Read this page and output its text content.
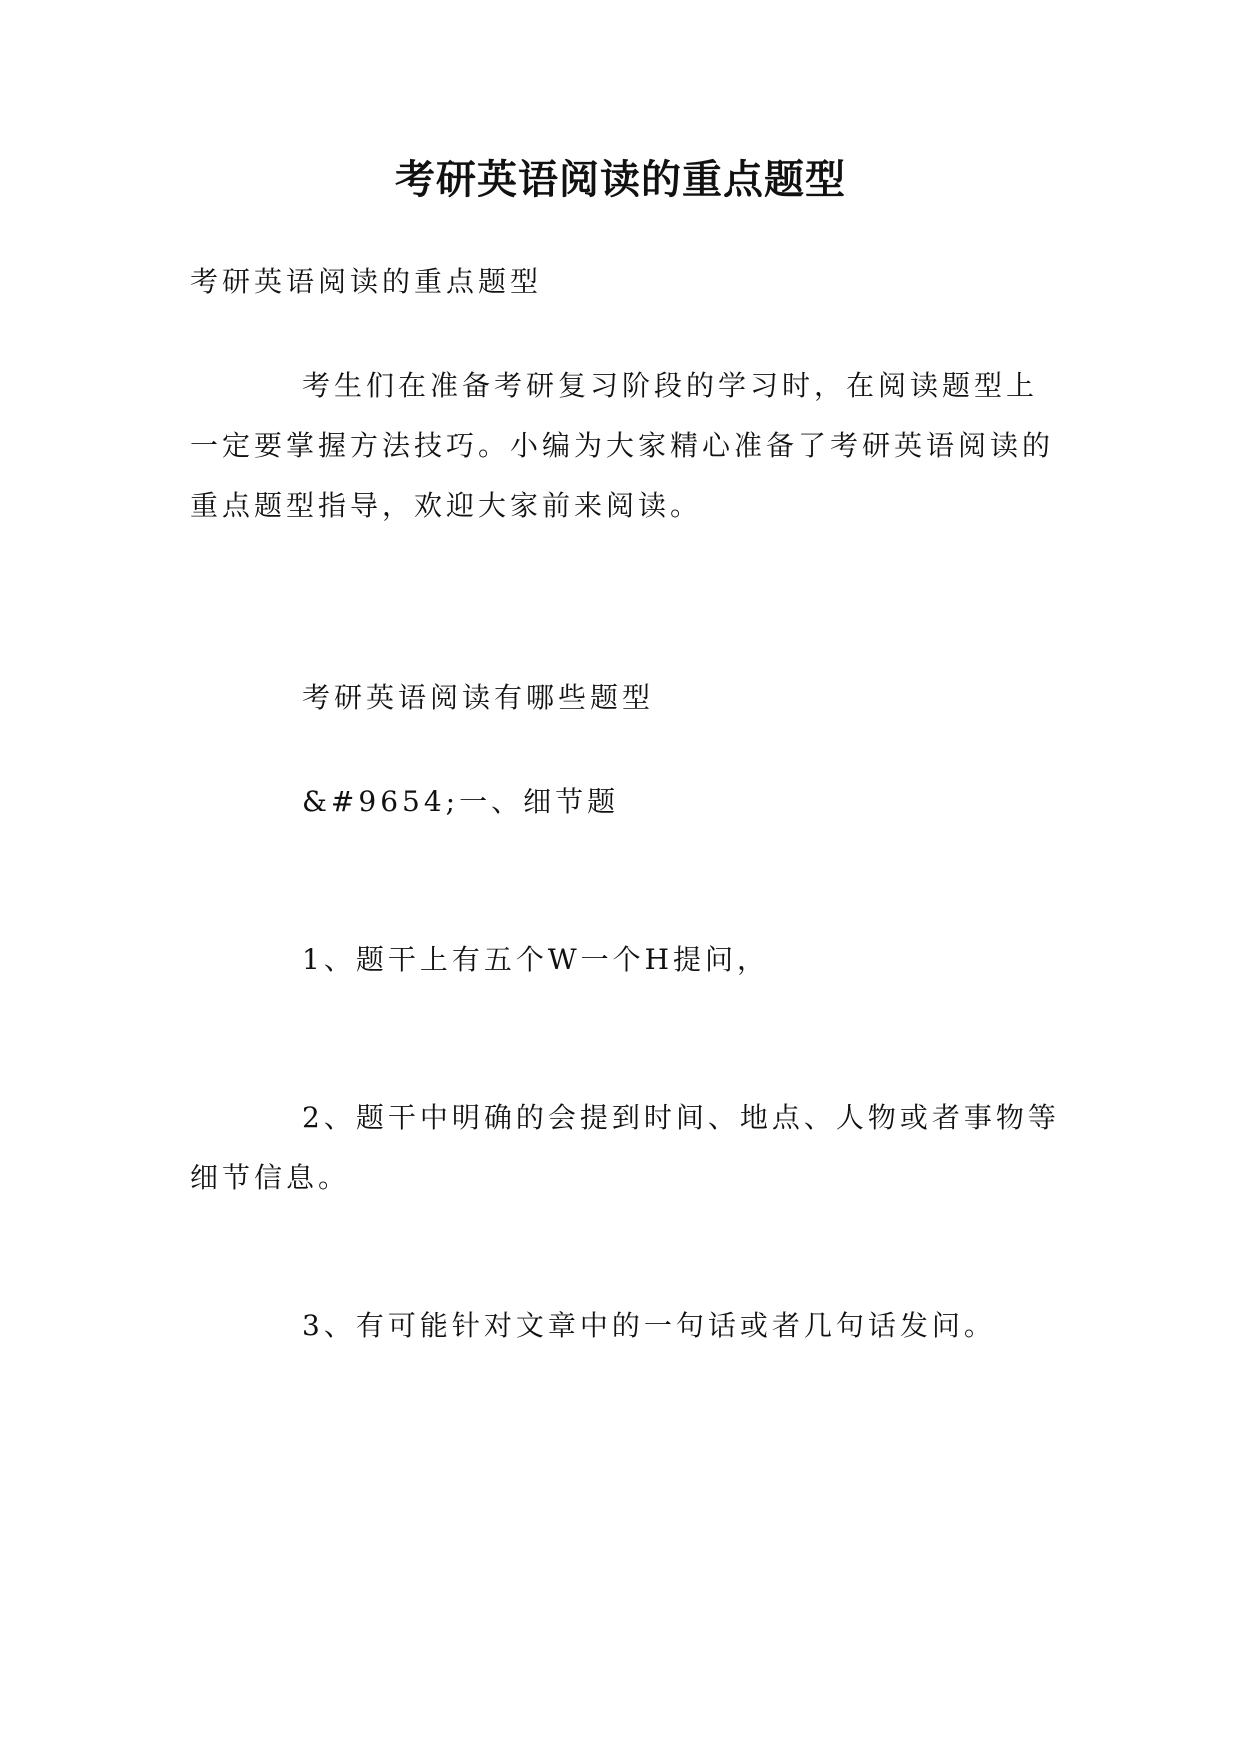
考研英语阅读的重点题型

考研英语阅读的重点题型

考生们在准备考研复习阶段的学习时，在阅读题型上一定要掌握方法技巧。小编为大家精心准备了考研英语阅读的重点题型指导，欢迎大家前来阅读。

考研英语阅读有哪些题型

&#9654;一、细节题

1、题干上有五个W一个H提问，

2、题干中明确的会提到时间、地点、人物或者事物等细节信息。

3、有可能针对文章中的一句话或者几句话发问。
